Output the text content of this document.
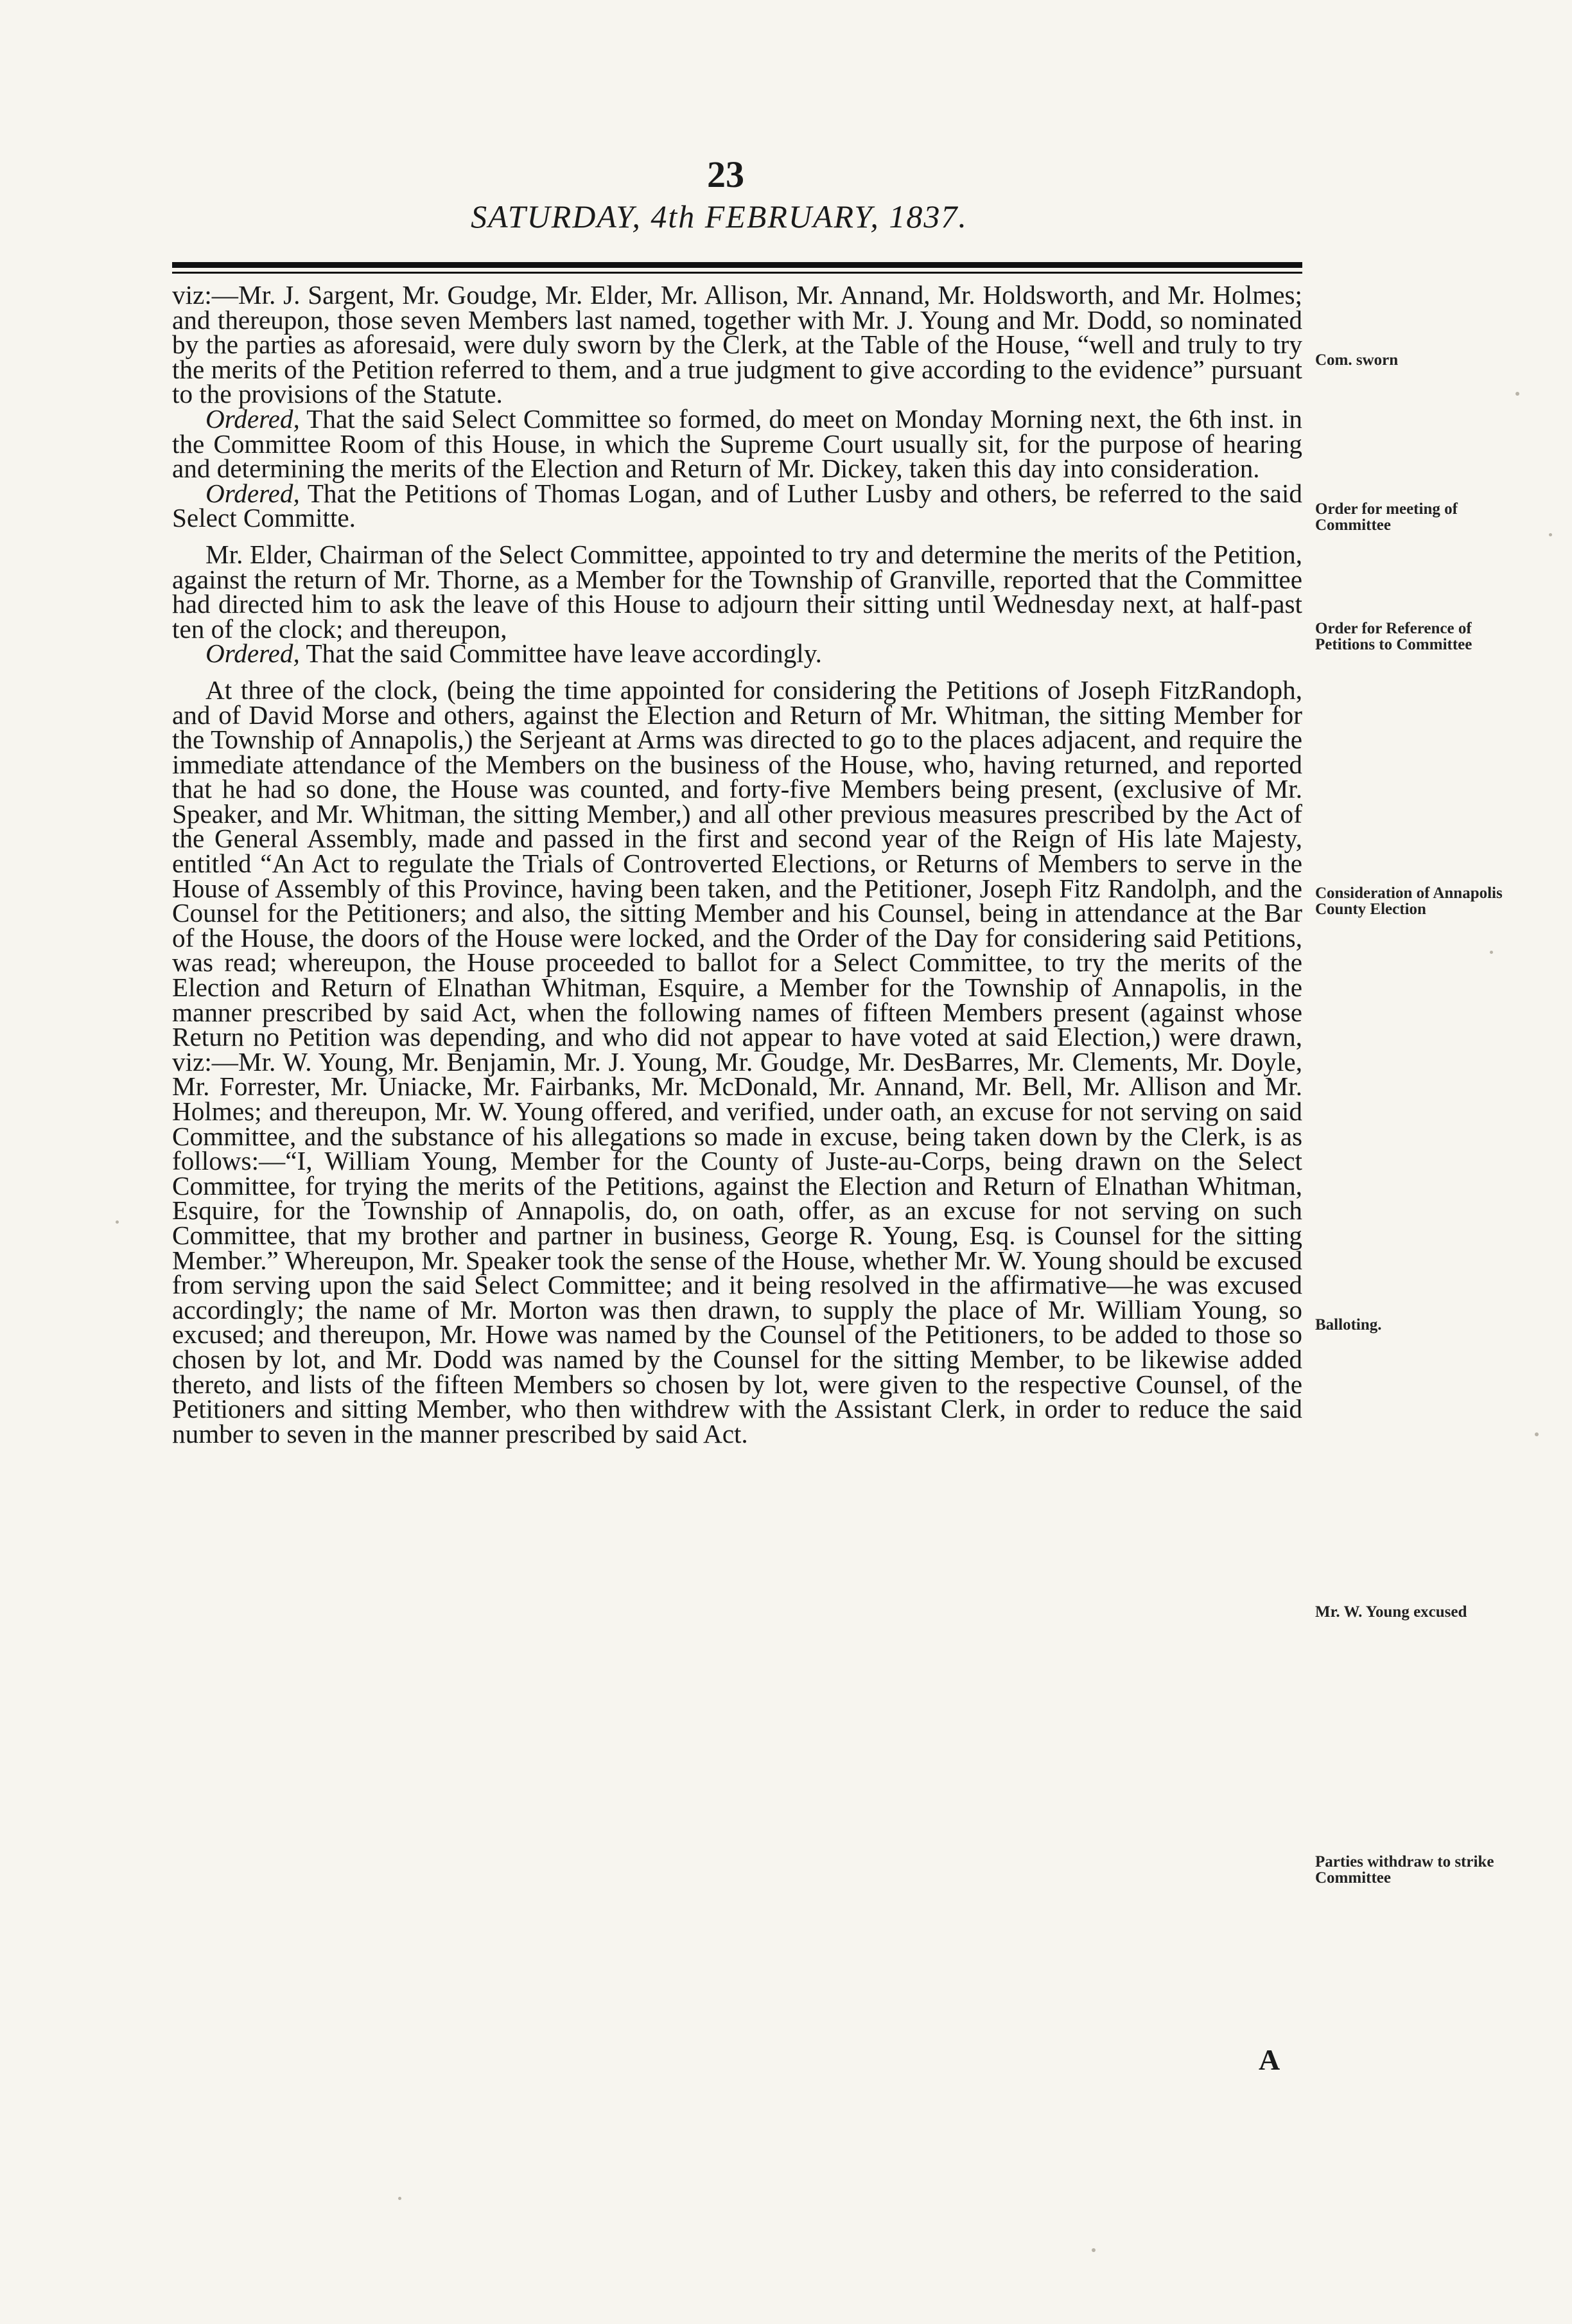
23
SATURDAY, 4th FEBRUARY, 1837.

viz:—Mr. J. Sargent, Mr. Goudge, Mr. Elder, Mr. Allison, Mr. Annand, Mr. Holdsworth, and Mr. Holmes; and thereupon, those seven Members last named, together with Mr. J. Young and Mr. Dodd, so nominated by the parties as aforesaid, were duly sworn by the Clerk, at the Table of the House, “well and truly to try the merits of the Petition referred to them, and a true judgment to give according to the evidence” pursuant to the provisions of the Statute.

Ordered, That the said Select Committee so formed, do meet on Monday Morning next, the 6th inst. in the Committee Room of this House, in which the Supreme Court usually sit, for the purpose of hearing and determining the merits of the Election and Return of Mr. Dickey, taken this day into consideration.

Ordered, That the Petitions of Thomas Logan, and of Luther Lusby and others, be referred to the said Select Committe.

Mr. Elder, Chairman of the Select Committee, appointed to try and determine the merits of the Petition, against the return of Mr. Thorne, as a Member for the Township of Granville, reported that the Committee had directed him to ask the leave of this House to adjourn their sitting until Wednesday next, at half-past ten of the clock; and thereupon,

Ordered, That the said Committee have leave accordingly.

At three of the clock, (being the time appointed for considering the Petitions of Joseph FitzRandoph, and of David Morse and others, against the Election and Return of Mr. Whitman, the sitting Member for the Township of Annapolis,) the Serjeant at Arms was directed to go to the places adjacent, and require the immediate attendance of the Members on the business of the House, who, having returned, and reported that he had so done, the House was counted, and forty-five Members being present, (exclusive of Mr. Speaker, and Mr. Whitman, the sitting Member,) and all other previous measures prescribed by the Act of the General Assembly, made and passed in the first and second year of the Reign of His late Majesty, entitled “An Act to regulate the Trials of Controverted Elections, or Returns of Members to serve in the House of Assembly of this Province, having been taken, and the Petitioner, Joseph Fitz Randolph, and the Counsel for the Petitioners; and also, the sitting Member and his Counsel, being in attendance at the Bar of the House, the doors of the House were locked, and the Order of the Day for considering said Petitions, was read; whereupon, the House proceeded to ballot for a Select Committee, to try the merits of the Election and Return of Elnathan Whitman, Esquire, a Member for the Township of Annapolis, in the manner prescribed by said Act, when the following names of fifteen Members present (against whose Return no Petition was depending, and who did not appear to have voted at said Election,) were drawn, viz:—Mr. W. Young, Mr. Benjamin, Mr. J. Young, Mr. Goudge, Mr. DesBarres, Mr. Clements, Mr. Doyle, Mr. Forrester, Mr. Uniacke, Mr. Fairbanks, Mr. McDonald, Mr. Annand, Mr. Bell, Mr. Allison and Mr. Holmes; and thereupon, Mr. W. Young offered, and verified, under oath, an excuse for not serving on said Committee, and the substance of his allegations so made in excuse, being taken down by the Clerk, is as follows:—“I, William Young, Member for the County of Juste-au-Corps, being drawn on the Select Committee, for trying the merits of the Petitions, against the Election and Return of Elnathan Whitman, Esquire, for the Township of Annapolis, do, on oath, offer, as an excuse for not serving on such Committee, that my brother and partner in business, George R. Young, Esq. is Counsel for the sitting Member.” Whereupon, Mr. Speaker took the sense of the House, whether Mr. W. Young should be excused from serving upon the said Select Committee; and it being resolved in the affirmative—he was excused accordingly; the name of Mr. Morton was then drawn, to supply the place of Mr. William Young, so excused; and thereupon, Mr. Howe was named by the Counsel of the Petitioners, to be added to those so chosen by lot, and Mr. Dodd was named by the Counsel for the sitting Member, to be likewise added thereto, and lists of the fifteen Members so chosen by lot, were given to the respective Counsel, of the Petitioners and sitting Member, who then withdrew with the Assistant Clerk, in order to reduce the said number to seven in the manner prescribed by said Act.

Com. sworn
Order for meeting of Committee
Order for Reference of Petitions to Committee
Consideration of Annapolis County Election
Balloting.
Mr. W. Young excused
Parties withdraw to strike Committee
A
